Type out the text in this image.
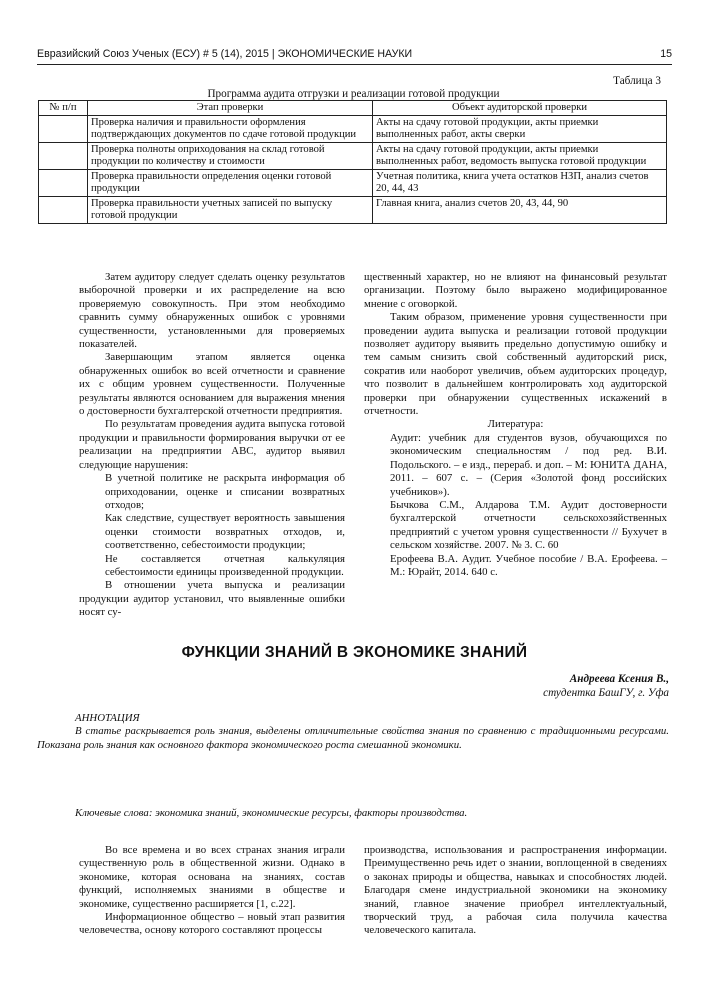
Евразийский Союз Ученых (ЕСУ) # 5 (14), 2015 | ЭКОНОМИЧЕСКИЕ НАУКИ	15
Таблица 3
Программа аудита отгрузки и реализации готовой продукции
№ п/п	Этап проверки	Объект аудиторской проверки
	Проверка наличия и правильности оформления подтверждающих документов по сдаче готовой продукции	Акты на сдачу готовой продукции, акты приемки выполненных работ, акты сверки
	Проверка полноты оприходования на склад готовой продукции по количеству и стоимости	Акты на сдачу готовой продукции, акты приемки выполненных работ, ведомость выпуска готовой продукции
	Проверка правильности определения оценки готовой продукции	Учетная политика, книга учета остатков НЗП, анализ счетов 20, 44, 43
	Проверка правильности учетных записей по выпуску готовой продукции	Главная книга, анализ счетов 20, 43, 44, 90

Затем аудитору следует сделать оценку результатов выборочной проверки и их распределение на всю проверяемую совокупность. При этом необходимо сравнить сумму обнаруженных ошибок с уровнями существенности, установленными для проверяемых показателей.

Завершающим этапом является оценка обнаруженных ошибок во всей отчетности и сравнение их с общим уровнем существенности. Полученные результаты являются основанием для выражения мнения о достоверности бухгалтерской отчетности предприятия.

По результатам проведения аудита выпуска готовой продукции и правильности формирования выручки от ее реализации на предприятии АВС, аудитор выявил следующие нарушения:

В учетной политике не раскрыта информация об оприходовании, оценке и списании возвратных отходов;

Как следствие, существует вероятность завышения оценки стоимости возвратных отходов, и, соответственно, себестоимости продукции;

Не составляется отчетная калькуляция себестоимости единицы произведенной продукции.

В отношении учета выпуска и реализации продукции аудитор установил, что выявленные ошибки носят су-

щественный характер, но не влияют на финансовый результат организации. Поэтому было выражено модифицированное мнение с оговоркой.

Таким образом, применение уровня существенности при проведении аудита выпуска и реализации готовой продукции позволяет аудитору выявить предельно допустимую ошибку и тем самым снизить свой собственный аудиторский риск, сократив или наоборот увеличив, объем аудиторских процедур, что позволит в дальнейшем контролировать ход аудиторской проверки при обнаружении существенных искажений в отчетности.

Литература:

Аудит: учебник для студентов вузов, обучающихся по экономическим специальностям / под ред. В.И. Подольского. – е изд., перераб. и доп. – М: ЮНИТА ДАНА, 2011. – 607 с. – (Серия «Золотой фонд российских учебников»).

Бычкова С.М., Алдарова Т.М. Аудит достоверности бухгалтерской отчетности сельскохозяйственных предприятий с учетом уровня существенности // Бухучет в сельском хозяйстве. 2007. № 3. С. 60

Ерофеева В.А. Аудит. Учебное пособие / В.А. Ерофеева. – М.: Юрайт, 2014. 640 с.

ФУНКЦИИ ЗНАНИЙ В ЭКОНОМИКЕ ЗНАНИЙ
Андреева Ксения В.,
студентка БашГУ, г. Уфа
АННОТАЦИЯ
В статье раскрывается роль знания, выделены отличительные свойства знания по сравнению с традиционными ресурсами. Показана роль знания как основного фактора экономического роста смешанной экономики.
Ключевые слова: экономика знаний, экономические ресурсы, факторы производства.

Во все времена и во всех странах знания играли существенную роль в общественной жизни. Однако в экономике, которая основана на знаниях, состав функций, исполняемых знаниями в обществе и экономике, существенно расширяется [1, с.22].

Информационное общество – новый этап развития человечества, основу которого составляют процессы

производства, использования и распространения информации. Преимущественно речь идет о знании, воплощенной в сведениях о законах природы и общества, навыках и способностях людей. Благодаря смене индустриальной экономики на экономику знаний, главное значение приобрел интеллектуальный, творческий труд, а рабочая сила получила качества человеческого капитала.
